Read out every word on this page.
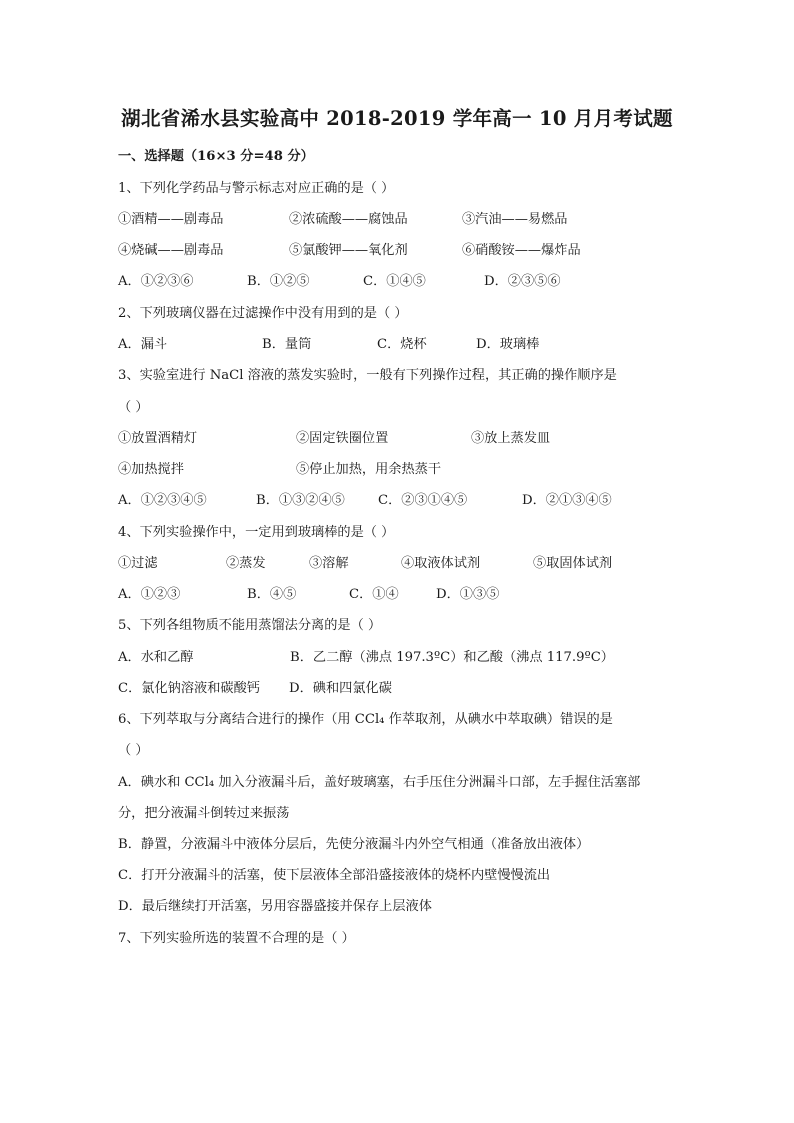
湖北省浠水县实验高中 2018-2019 学年高一 10 月月考试题
一、选择题（16×3 分=48 分）
1、下列化学药品与警示标志对应正确的是（ ）
①酒精——剧毒品	②浓硫酸——腐蚀品	③汽油——易燃品
④烧碱——剧毒品	⑤氯酸钾——氧化剂	⑥硝酸铵——爆炸品
A．①②③⑥	B．①②⑤	C．①④⑤	D．②③⑤⑥
2、下列玻璃仪器在过滤操作中没有用到的是（ ）
A．漏斗	B．量筒	C．烧杯	D．玻璃棒
3、实验室进行 NaCl 溶液的蒸发实验时，一般有下列操作过程，其正确的操作顺序是
（ ）
①放置酒精灯	②固定铁圈位置	③放上蒸发皿
④加热搅拌	⑤停止加热，用余热蒸干
A．①②③④⑤	B．①③②④⑤	C．②③①④⑤	D．②①③④⑤
4、下列实验操作中，一定用到玻璃棒的是（ ）
①过滤	②蒸发	③溶解	④取液体试剂	⑤取固体试剂
A．①②③	B．④⑤	C．①④	D．①③⑤
5、下列各组物质不能用蒸馏法分离的是（ ）
A．水和乙醇	B．乙二醇（沸点 197.3ºC）和乙酸（沸点 117.9ºC）
C．氯化钠溶液和碳酸钙 D．碘和四氯化碳
6、下列萃取与分离结合进行的操作（用 CCl₄ 作萃取剂，从碘水中萃取碘）错误的是
（ ）
A．碘水和 CCl₄ 加入分液漏斗后，盖好玻璃塞，右手压住分洲漏斗口部，左手握住活塞部
分，把分液漏斗倒转过来振荡
B．静置，分液漏斗中液体分层后，先使分液漏斗内外空气相通（准备放出液体）
C．打开分液漏斗的活塞，使下层液体全部沿盛接液体的烧杯内壁慢慢流出
D．最后继续打开活塞，另用容器盛接并保存上层液体
7、下列实验所选的装置不合理的是（ ）
